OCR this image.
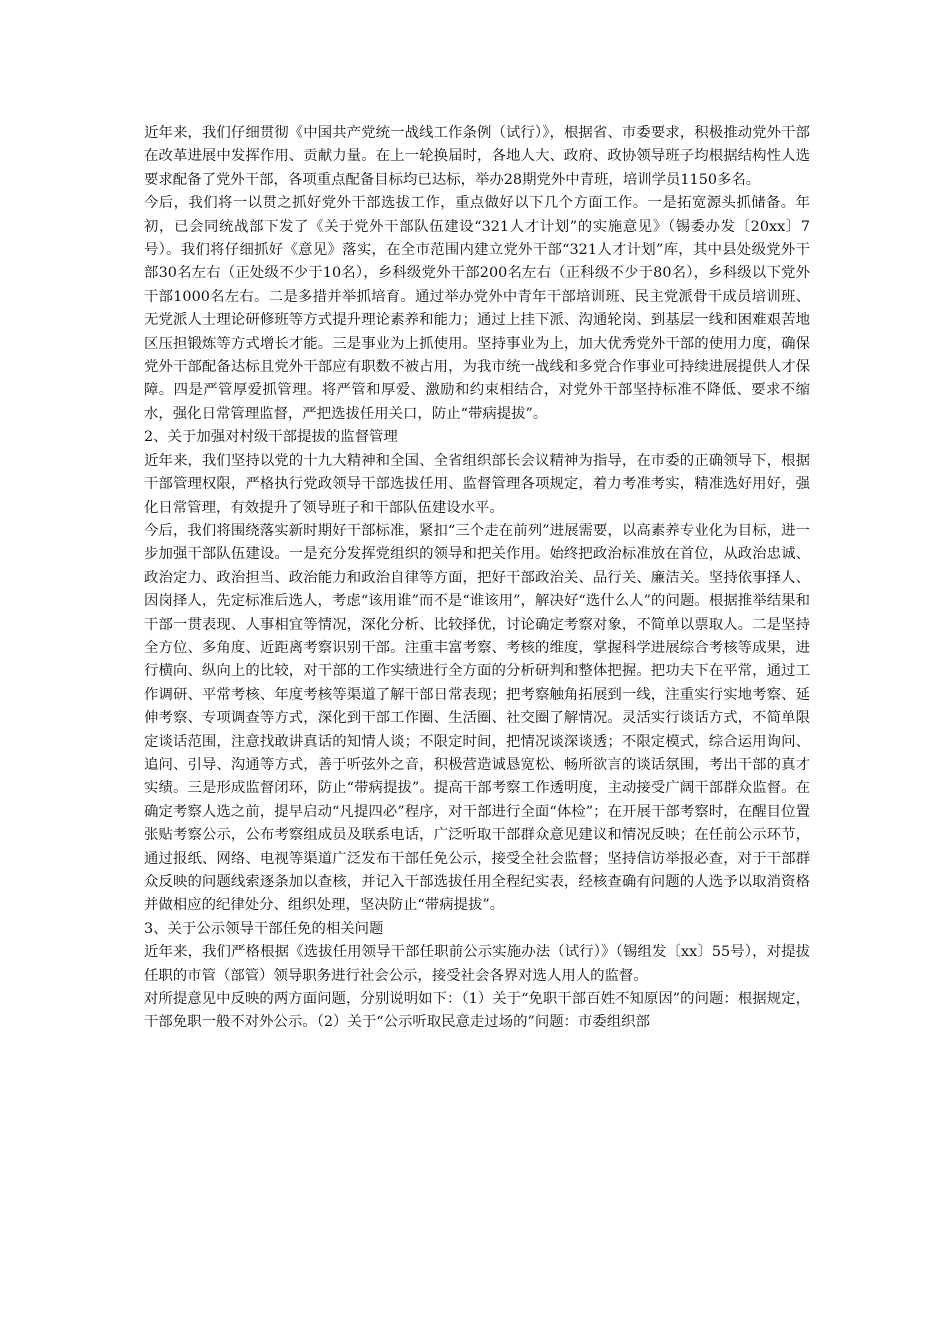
近年来，我们仔细贯彻《中国共产党统一战线工作条例（试行）》，根据省、市委要求，积极推动党外干部在改革进展中发挥作用、贡献力量。在上一轮换届时，各地人大、政府、政协领导班子均根据结构性人选要求配备了党外干部，各项重点配备目标均已达标，举办28期党外中青班，培训学员1150多名。

今后，我们将一以贯之抓好党外干部选拔工作，重点做好以下几个方面工作。一是拓宽源头抓储备。年初，已会同统战部下发了《关于党外干部队伍建设“321人才计划”的实施意见》（锡委办发〔20xx〕7号）。我们将仔细抓好《意见》落实，在全市范围内建立党外干部“321人才计划”库，其中县处级党外干部30名左右（正处级不少于10名），乡科级党外干部200名左右（正科级不少于80名），乡科级以下党外干部1000名左右。二是多措并举抓培育。通过举办党外中青年干部培训班、民主党派骨干成员培训班、无党派人士理论研修班等方式提升理论素养和能力；通过上挂下派、沟通轮岗、到基层一线和困难艰苦地区压担锻炼等方式增长才能。三是事业为上抓使用。坚持事业为上，加大优秀党外干部的使用力度，确保党外干部配备达标且党外干部应有职数不被占用，为我市统一战线和多党合作事业可持续进展提供人才保障。四是严管厚爱抓管理。将严管和厚爱、激励和约束相结合，对党外干部坚持标准不降低、要求不缩水，强化日常管理监督，严把选拔任用关口，防止“带病提拔”。

2、关于加强对村级干部提拔的监督管理

近年来，我们坚持以党的十九大精神和全国、全省组织部长会议精神为指导，在市委的正确领导下，根据干部管理权限，严格执行党政领导干部选拔任用、监督管理各项规定，着力考准考实，精准选好用好，强化日常管理，有效提升了领导班子和干部队伍建设水平。

今后，我们将围绕落实新时期好干部标准，紧扣“三个走在前列”进展需要，以高素养专业化为目标，进一步加强干部队伍建设。一是充分发挥党组织的领导和把关作用。始终把政治标准放在首位，从政治忠诚、政治定力、政治担当、政治能力和政治自律等方面，把好干部政治关、品行关、廉洁关。坚持依事择人、因岗择人，先定标准后选人，考虑“该用谁”而不是“谁该用”，解决好“选什么人”的问题。根据推举结果和干部一贯表现、人事相宜等情况，深化分析、比较择优，讨论确定考察对象，不简单以票取人。二是坚持全方位、多角度、近距离考察识别干部。注重丰富考察、考核的维度，掌握科学进展综合考核等成果，进行横向、纵向上的比较，对干部的工作实绩进行全方面的分析研判和整体把握。把功夫下在平常，通过工作调研、平常考核、年度考核等渠道了解干部日常表现；把考察触角拓展到一线，注重实行实地考察、延伸考察、专项调查等方式，深化到干部工作圈、生活圈、社交圈了解情况。灵活实行谈话方式，不简单限定谈话范围，注意找敢讲真话的知情人谈；不限定时间，把情况谈深谈透；不限定模式，综合运用询问、追问、引导、沟通等方式，善于听弦外之音，积极营造诚恳宽松、畅所欲言的谈话氛围，考出干部的真才实绩。三是形成监督闭环，防止“带病提拔”。提高干部考察工作透明度，主动接受广阔干部群众监督。在确定考察人选之前，提早启动“凡提四必”程序，对干部进行全面“体检”；在开展干部考察时，在醒目位置张贴考察公示，公布考察组成员及联系电话，广泛听取干部群众意见建议和情况反映；在任前公示环节，通过报纸、网络、电视等渠道广泛发布干部任免公示，接受全社会监督；坚持信访举报必查，对于干部群众反映的问题线索逐条加以查核，并记入干部选拔任用全程纪实表，经核查确有问题的人选予以取消资格并做相应的纪律处分、组织处理，坚决防止“带病提拔”。

3、关于公示领导干部任免的相关问题

近年来，我们严格根据《选拔任用领导干部任职前公示实施办法（试行）》（锡组发〔xx〕55号），对提拔任职的市管（部管）领导职务进行社会公示，接受社会各界对选人用人的监督。

对所提意见中反映的两方面问题，分别说明如下：（1）关于“免职干部百姓不知原因”的问题：根据规定，干部免职一般不对外公示。（2）关于“公示听取民意走过场的”问题：市委组织部
